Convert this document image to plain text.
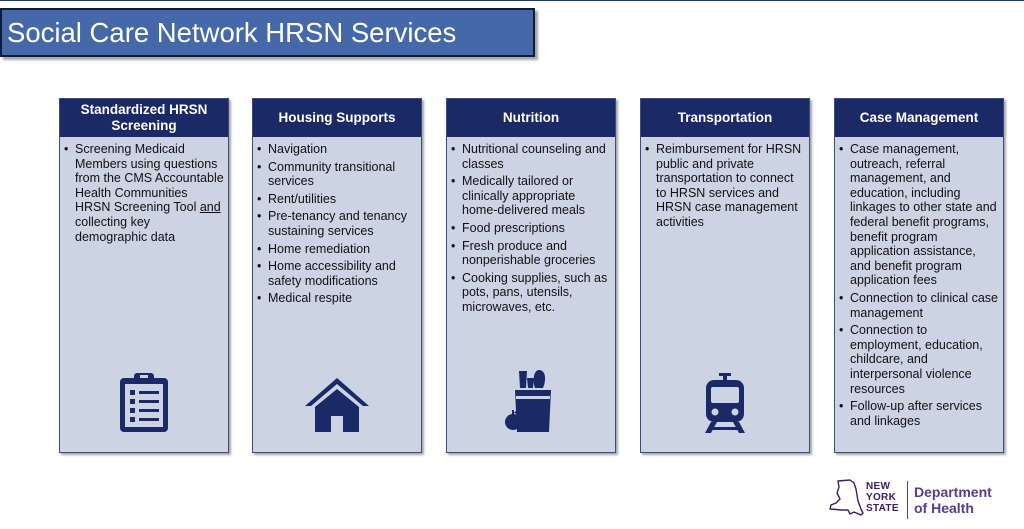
Social Care Network HRSN Services
Standardized HRSN Screening
• Screening Medicaid Members using questions from the CMS Accountable Health Communities HRSN Screening Tool and collecting key demographic data
Housing Supports
• Navigation
• Community transitional services
• Rent/utilities
• Pre-tenancy and tenancy sustaining services
• Home remediation
• Home accessibility and safety modifications
• Medical respite
Nutrition
• Nutritional counseling and classes
• Medically tailored or clinically appropriate home-delivered meals
• Food prescriptions
• Fresh produce and nonperishable groceries
• Cooking supplies, such as pots, pans, utensils, microwaves, etc.
Transportation
• Reimbursement for HRSN public and private transportation to connect to HRSN services and HRSN case management activities
Case Management
• Case management, outreach, referral management, and education, including linkages to other state and federal benefit programs, benefit program application assistance, and benefit program application fees
• Connection to clinical case management
• Connection to employment, education, childcare, and interpersonal violence resources
• Follow-up after services and linkages
NEW
YORK
STATE
Department
of Health
